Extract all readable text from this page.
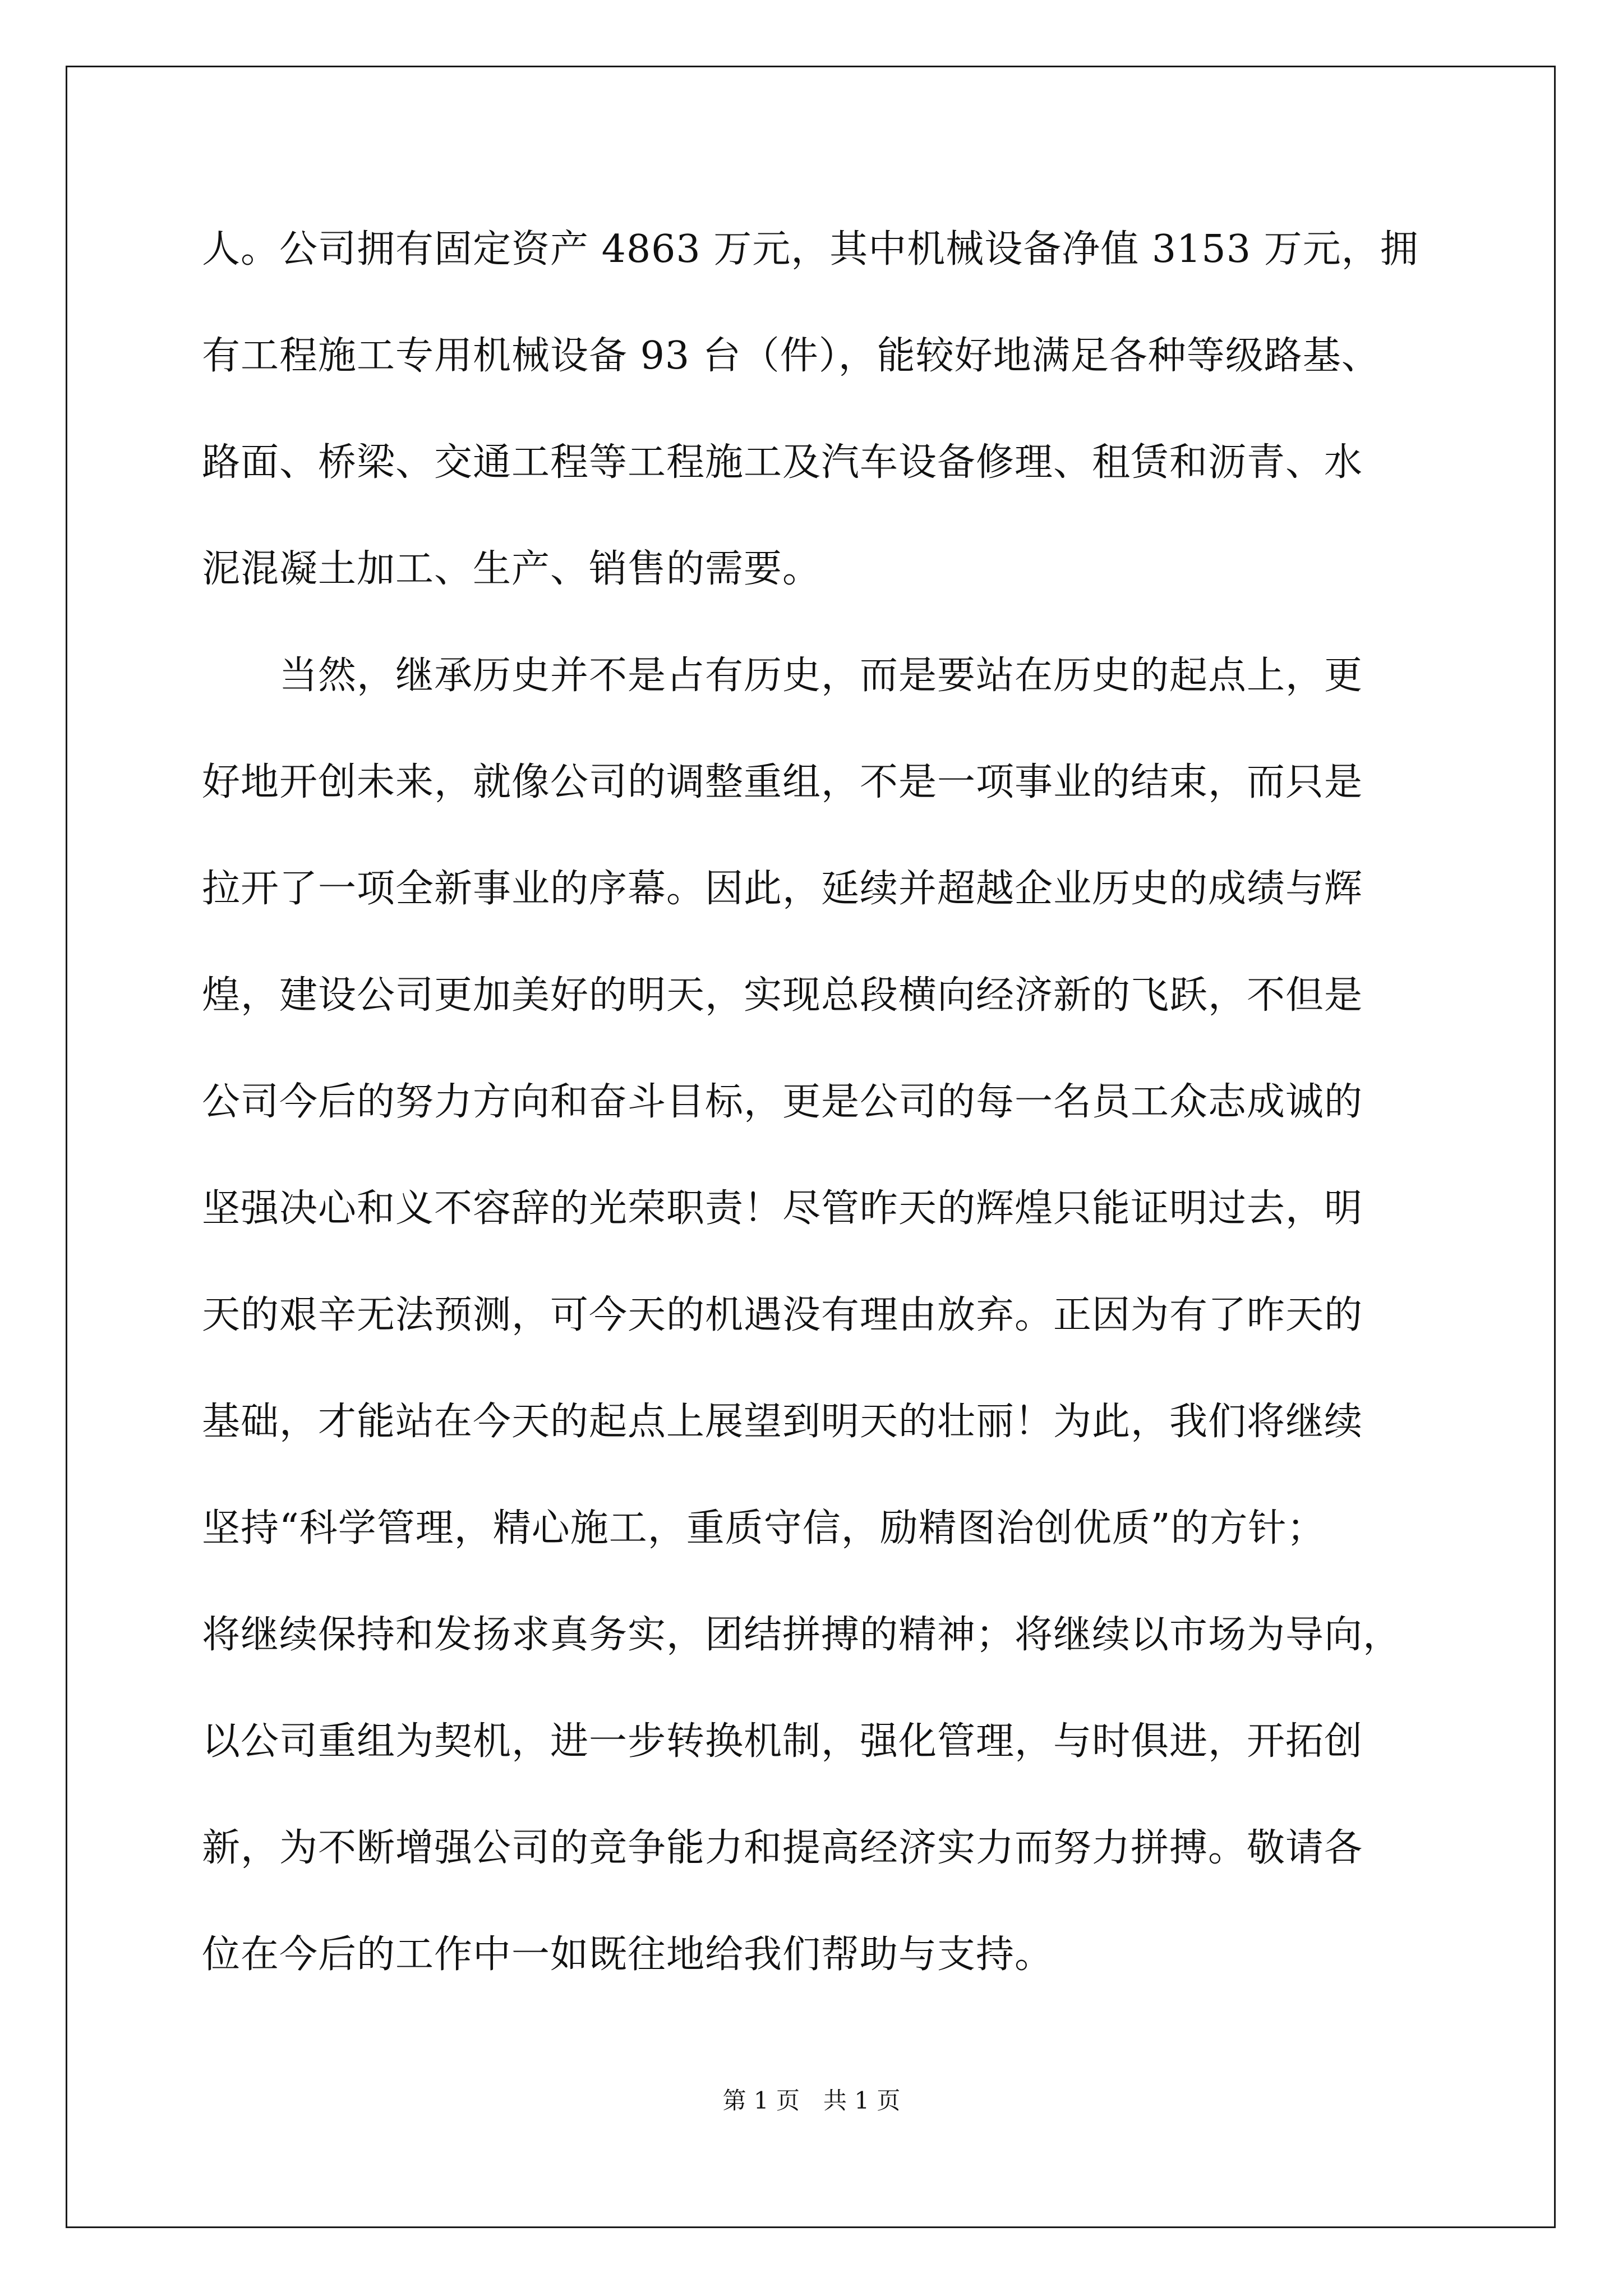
人。公司拥有固定资产 4863 万元，其中机械设备净值 3153 万元，拥
有工程施工专用机械设备 93 台（件），能较好地满足各种等级路基、
路面、桥梁、交通工程等工程施工及汽车设备修理、租赁和沥青、水
泥混凝土加工、生产、销售的需要。
　　当然，继承历史并不是占有历史，而是要站在历史的起点上，更
好地开创未来，就像公司的调整重组，不是一项事业的结束，而只是
拉开了一项全新事业的序幕。因此，延续并超越企业历史的成绩与辉
煌，建设公司更加美好的明天，实现总段横向经济新的飞跃，不但是
公司今后的努力方向和奋斗目标，更是公司的每一名员工众志成诚的
坚强决心和义不容辞的光荣职责！尽管昨天的辉煌只能证明过去，明
天的艰辛无法预测，可今天的机遇没有理由放弃。正因为有了昨天的
基础，才能站在今天的起点上展望到明天的壮丽！为此，我们将继续
坚持“科学管理，精心施工，重质守信，励精图治创优质”的方针；
将继续保持和发扬求真务实，团结拼搏的精神；将继续以市场为导向，
以公司重组为契机，进一步转换机制，强化管理，与时俱进，开拓创
新，为不断增强公司的竞争能力和提高经济实力而努力拼搏。敬请各
位在今后的工作中一如既往地给我们帮助与支持。
第 1 页　共 1 页
